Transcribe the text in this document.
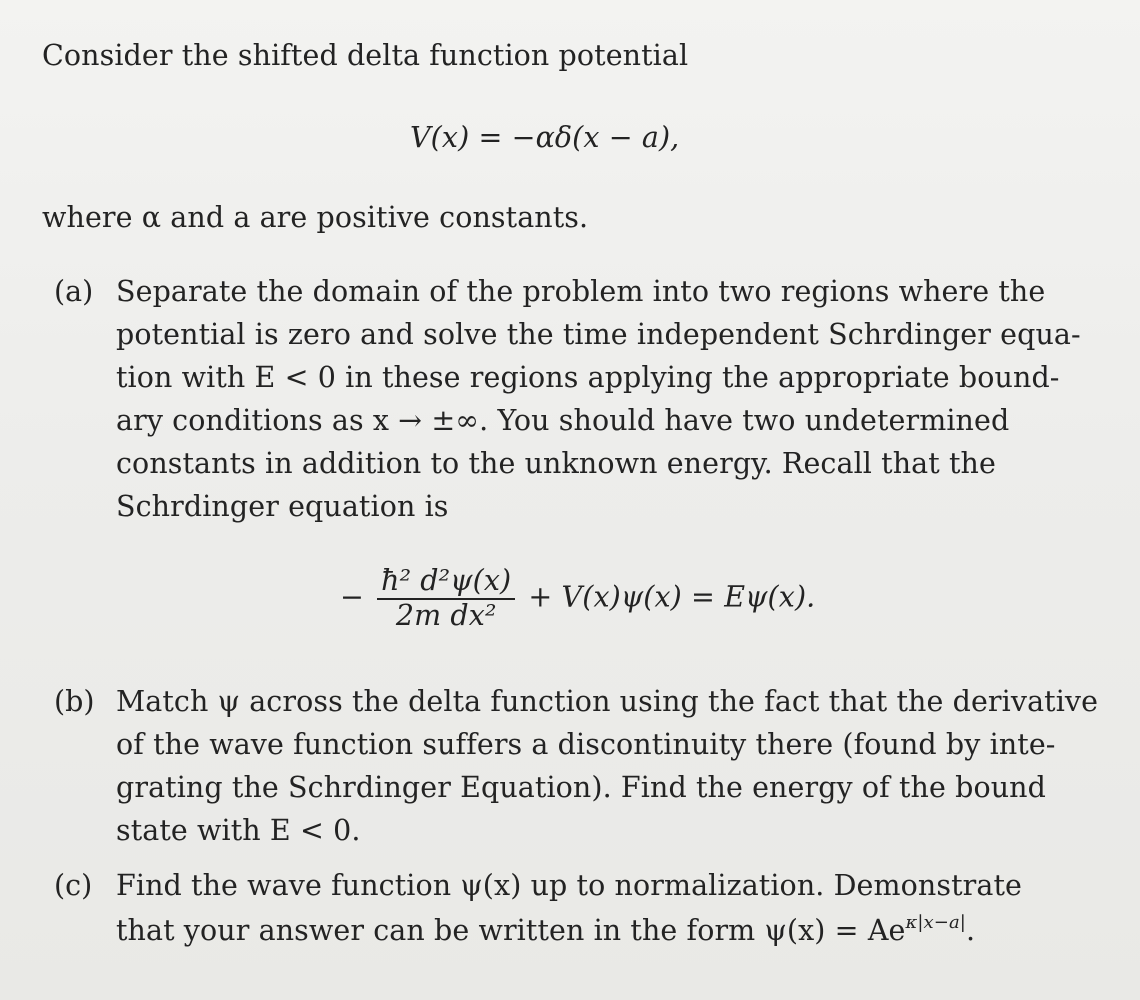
Consider the shifted delta function potential
V(x) = −αδ(x − a),
where α and a are positive constants.
(a) Separate the domain of the problem into two regions where the
potential is zero and solve the time independent Schrdinger equa-
tion with E < 0 in these regions applying the appropriate bound-
ary conditions as x → ±∞. You should have two undetermined
constants in addition to the unknown energy. Recall that the
Schrdinger equation is
− $\frac{\text{ħ² d²ψ(x)}}{\text{2m dx²}} + V(x)\psi(x) = E\psi(x)$.
(b) Match ψ across the delta function using the fact that the derivative
of the wave function suffers a discontinuity there (found by inte-
grating the Schrdinger Equation). Find the energy of the bound
state with E < 0.
(c) Find the wave function ψ(x) up to normalization. Demonstrate
that your answer can be written in the form $\psi(x) = Ae^{\kappa|x-a|}$.
